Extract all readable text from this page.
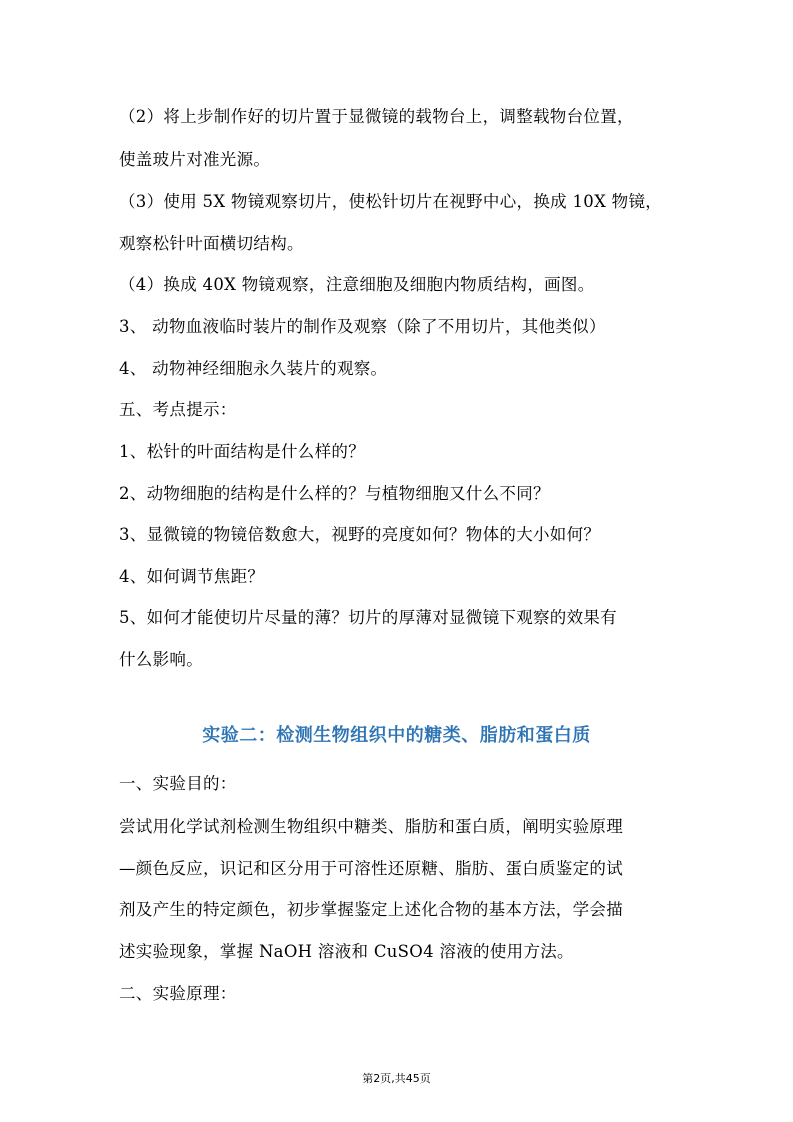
（2）将上步制作好的切片置于显微镜的载物台上，调整载物台位置，
使盖玻片对准光源。
（3）使用 5X 物镜观察切片，使松针切片在视野中心，换成 10X 物镜，
观察松针叶面横切结构。
（4）换成 40X 物镜观察，注意细胞及细胞内物质结构，画图。
3、 动物血液临时装片的制作及观察（除了不用切片，其他类似）
4、 动物神经细胞永久装片的观察。
五、考点提示：
1、松针的叶面结构是什么样的？
2、动物细胞的结构是什么样的？与植物细胞又什么不同？
3、显微镜的物镜倍数愈大，视野的亮度如何？物体的大小如何？
4、如何调节焦距？
5、如何才能使切片尽量的薄？切片的厚薄对显微镜下观察的效果有
什么影响。
实验二：检测生物组织中的糖类、脂肪和蛋白质
一、实验目的：
尝试用化学试剂检测生物组织中糖类、脂肪和蛋白质，阐明实验原理
—颜色反应，识记和区分用于可溶性还原糖、脂肪、蛋白质鉴定的试
剂及产生的特定颜色，初步掌握鉴定上述化合物的基本方法，学会描
述实验现象，掌握 NaOH 溶液和 CuSO4 溶液的使用方法。
二、实验原理：
第2页,共45页
